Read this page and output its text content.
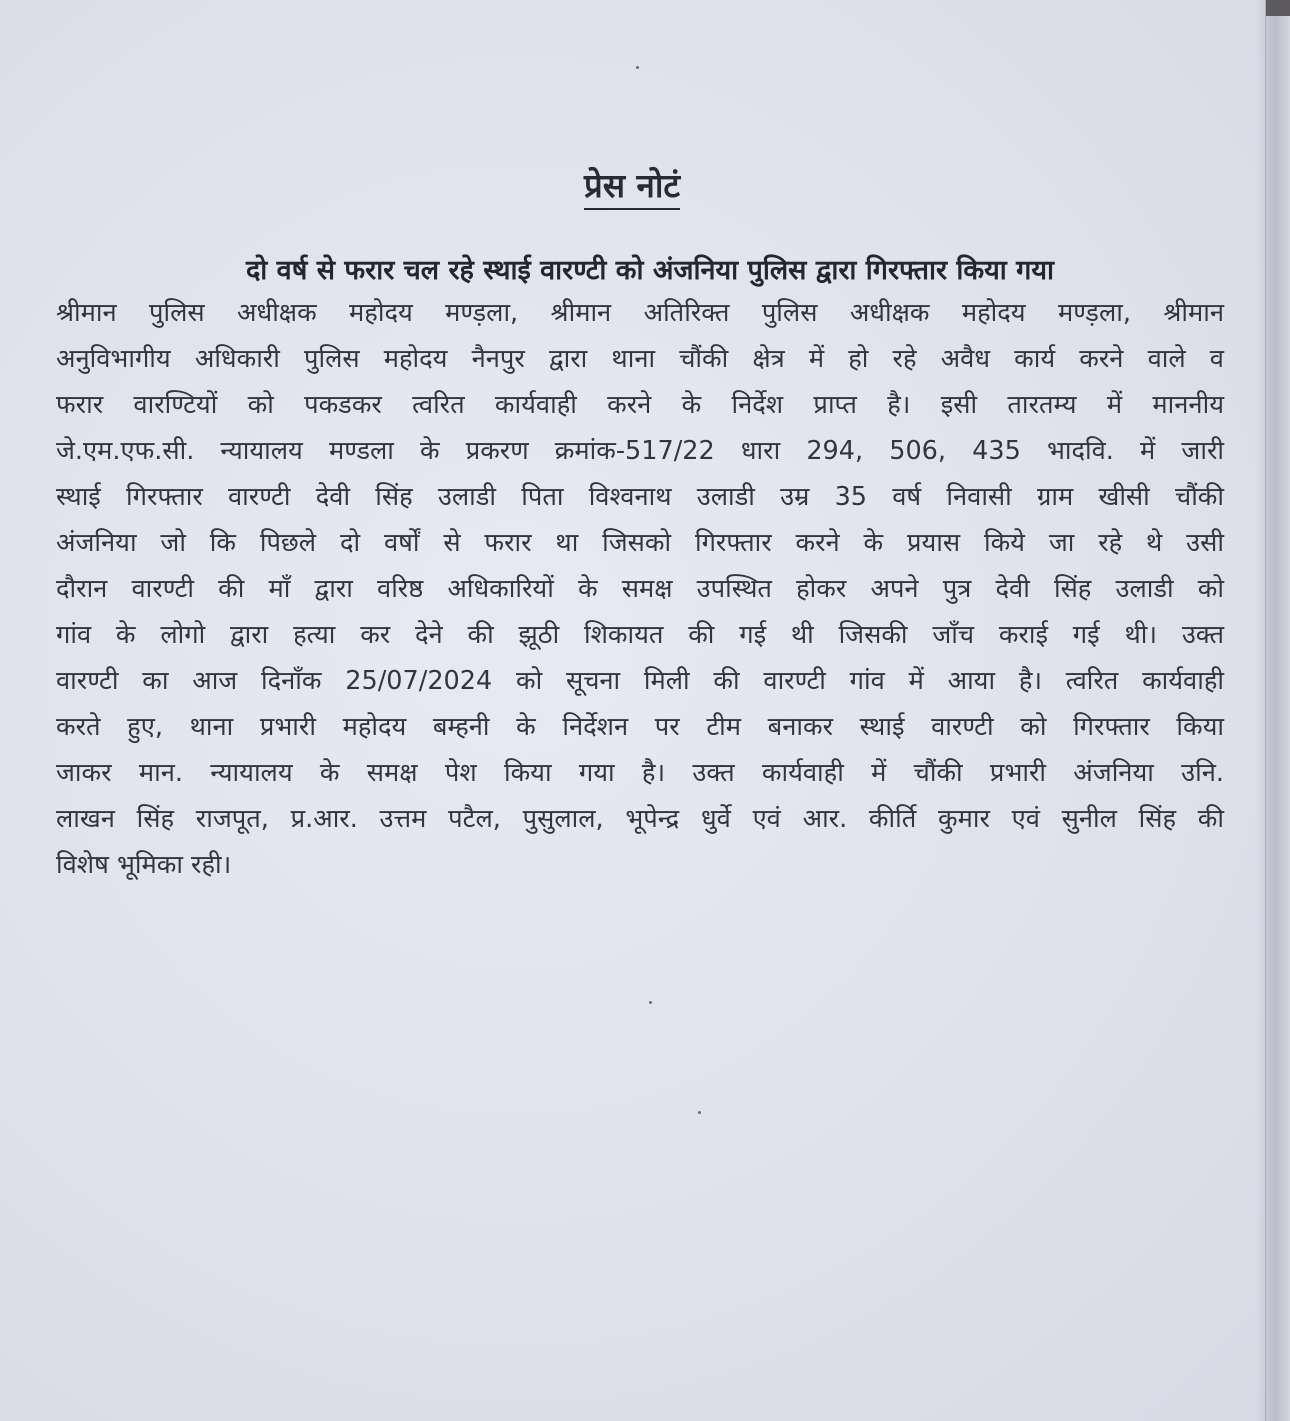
प्रेस नोटं
दो वर्ष से फरार चल रहे स्थाई वारण्टी को अंजनिया पुलिस द्वारा गिरफ्तार किया गया
श्रीमान पुलिस अधीक्षक महोदय मण्ड़ला, श्रीमान अतिरिक्त पुलिस अधीक्षक महोदय मण्ड़ला, श्रीमान
अनुविभागीय अधिकारी पुलिस महोदय नैनपुर द्वारा थाना चौंकी क्षेत्र में हो रहे अवैध कार्य करने वाले व
फरार वारण्टियों को पकडकर त्वरित कार्यवाही करने के निर्देश प्राप्त है। इसी तारतम्य में माननीय
जे.एम.एफ.सी. न्यायालय मण्डला के प्रकरण क्रमांक-517/22 धारा 294, 506, 435 भादवि. में जारी
स्थाई गिरफ्तार वारण्टी देवी सिंह उलाडी पिता विश्वनाथ उलाडी उम्र 35 वर्ष निवासी ग्राम खीसी चौंकी
अंजनिया जो कि पिछले दो वर्षों से फरार था जिसको गिरफ्तार करने के प्रयास किये जा रहे थे उसी
दौरान वारण्टी की माँ द्वारा वरिष्ठ अधिकारियों के समक्ष उपस्थित होकर अपने पुत्र देवी सिंह उलाडी को
गांव के लोगो द्वारा हत्या कर देने की झूठी शिकायत की गई थी जिसकी जाँच कराई गई थी। उक्त
वारण्टी का आज दिनाँक 25/07/2024 को सूचना मिली की वारण्टी गांव में आया है। त्वरित कार्यवाही
करते हुए, थाना प्रभारी महोदय बम्हनी के निर्देशन पर टीम बनाकर स्थाई वारण्टी को गिरफ्तार किया
जाकर मान. न्यायालय के समक्ष पेश किया गया है। उक्त कार्यवाही में चौंकी प्रभारी अंजनिया उनि.
लाखन सिंह राजपूत, प्र.आर. उत्तम पटैल, पुसुलाल, भूपेन्द्र धुर्वे एवं आर. कीर्ति कुमार एवं सुनील सिंह की
विशेष भूमिका रही।
